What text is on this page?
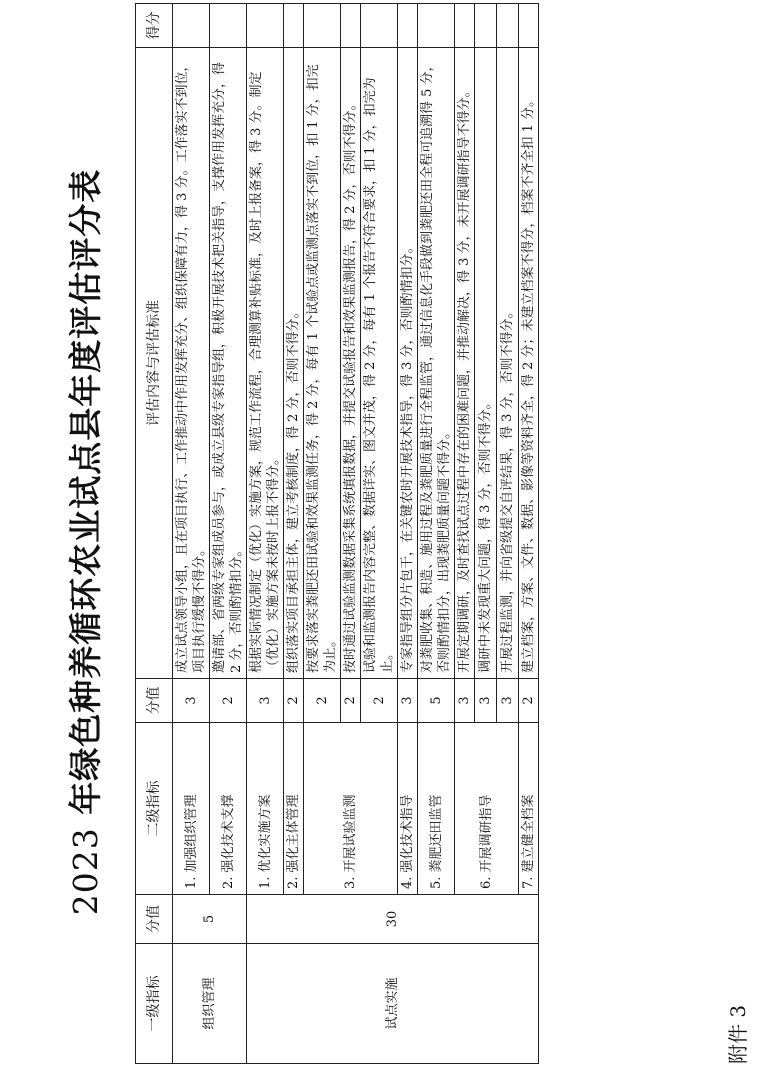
附件 3
2023 年绿色种养循环农业试点县年度评估评分表
一级指标	分值	二级指标	分值	评估内容与评估标准	得分
组织管理	5	1. 加强组织管理	3	成立试点领导小组，且在项目执行、工作推动中作用发挥充分、组织保障有力，得 3 分。工作落实不到位，项目执行缓慢不得分。	
		2. 强化技术支撑	2	邀请部、省两级专家组成员参与，或成立县级专家指导组，积极开展技术把关指导，支撑作用发挥充分，得 2 分，否则酌情扣分。	
试点实施	30	1. 优化实施方案	3	根据实际情况制定（优化）实施方案，规范工作流程，合理测算补贴标准，及时上报备案，得 3 分。制定（优化）实施方案未按时上报不得分。	
		2. 强化主体管理	2	组织落实项目承担主体，建立考核制度，得 2 分，否则不得分。	
		3. 开展试验监测	2	按要求落实粪肥还田试验和效果监测任务，得 2 分，每有 1 个试验点或监测点落实不到位，扣 1 分，扣完为止。	
			2	按时通过试验监测数据采集系统填报数据，并提交试验报告和效果监测报告，得 2 分，否则不得分。	
			2	试验和监测报告内容完整、数据详实、图文并茂，得 2 分，每有 1 个报告不符合要求，扣 1 分，扣完为止。	
		4. 强化技术指导	3	专家指导组分片包干，在关键农时开展技术指导，得 3 分，否则酌情扣分。	
		5. 粪肥还田监管	5	对粪肥收集、积造、施用过程及粪肥质量进行全程监管，通过信息化手段做到粪肥还田全程可追溯得 5 分，否则酌情扣分，出现粪肥质量问题不得分。	
		6. 开展调研指导	3	开展定期调研，及时查找试点过程中存在的困难问题，并推动解决，得 3 分，未开展调研指导不得分。	
			3	调研中未发现重大问题，得 3 分，否则不得分。	
			3	开展过程监测，并向省级提交自评结果，得 3 分，否则不得分。	
		7. 建立健全档案	2	建立档案，方案、文件、数据、影像等资料齐全，得 2 分；未建立档案不得分，档案不齐全扣 1 分。	
